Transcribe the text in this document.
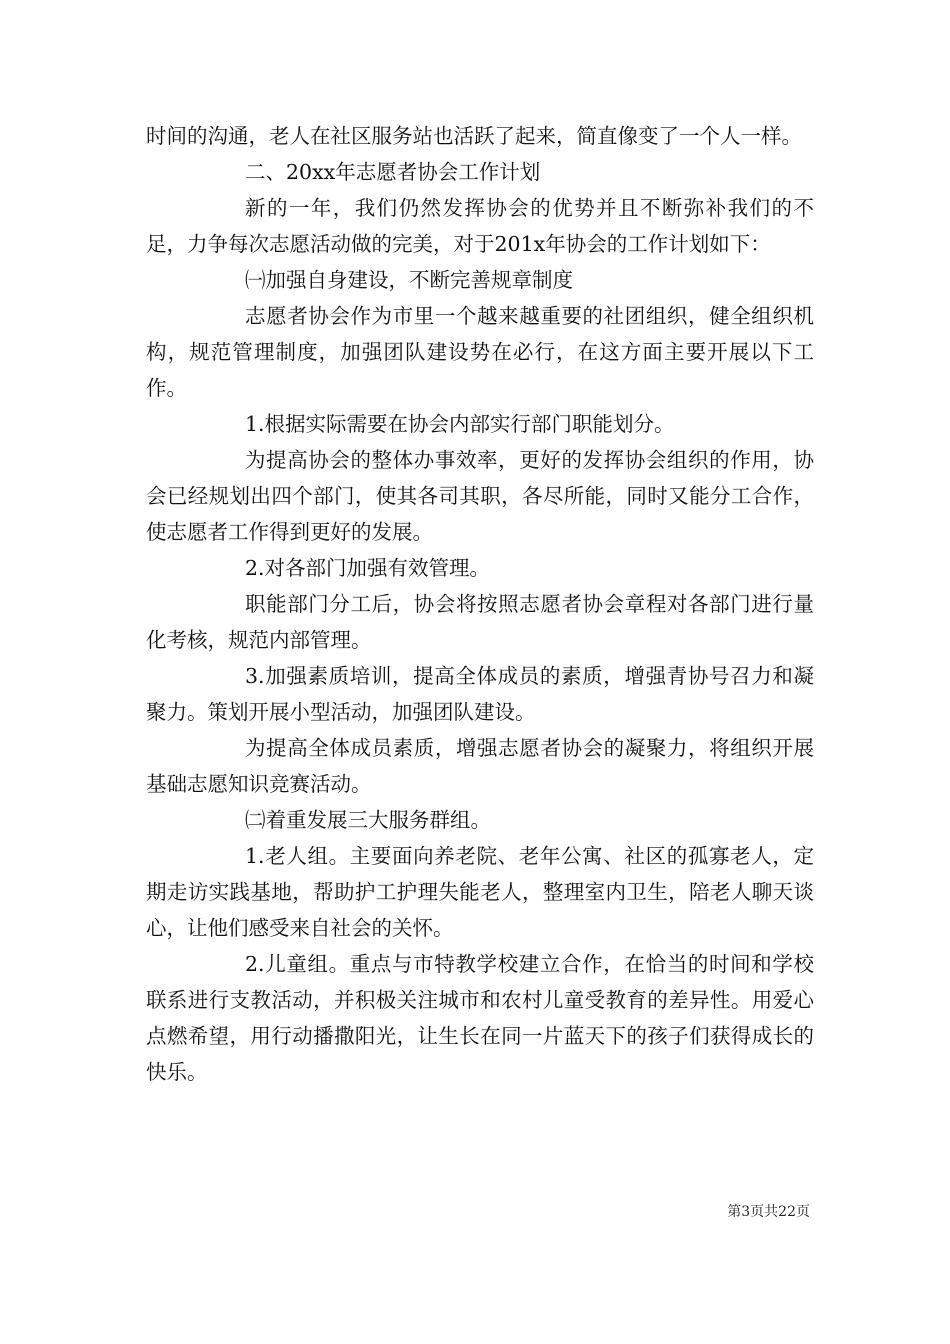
时间的沟通，老人在社区服务站也活跃了起来，简直像变了一个人一样。

二、20xx年志愿者协会工作计划

新的一年，我们仍然发挥协会的优势并且不断弥补我们的不足，力争每次志愿活动做的完美，对于201x年协会的工作计划如下：

㈠加强自身建设，不断完善规章制度

志愿者协会作为市里一个越来越重要的社团组织，健全组织机构，规范管理制度，加强团队建设势在必行，在这方面主要开展以下工作。

1.根据实际需要在协会内部实行部门职能划分。

为提高协会的整体办事效率，更好的发挥协会组织的作用，协会已经规划出四个部门，使其各司其职，各尽所能，同时又能分工合作，使志愿者工作得到更好的发展。

2.对各部门加强有效管理。

职能部门分工后，协会将按照志愿者协会章程对各部门进行量化考核，规范内部管理。

3.加强素质培训，提高全体成员的素质，增强青协号召力和凝聚力。策划开展小型活动，加强团队建设。

为提高全体成员素质，增强志愿者协会的凝聚力，将组织开展基础志愿知识竞赛活动。

㈡着重发展三大服务群组。

1.老人组。主要面向养老院、老年公寓、社区的孤寡老人，定期走访实践基地，帮助护工护理失能老人，整理室内卫生，陪老人聊天谈心，让他们感受来自社会的关怀。

2.儿童组。重点与市特教学校建立合作，在恰当的时间和学校联系进行支教活动，并积极关注城市和农村儿童受教育的差异性。用爱心点燃希望，用行动播撒阳光，让生长在同一片蓝天下的孩子们获得成长的快乐。

第3页共22页
